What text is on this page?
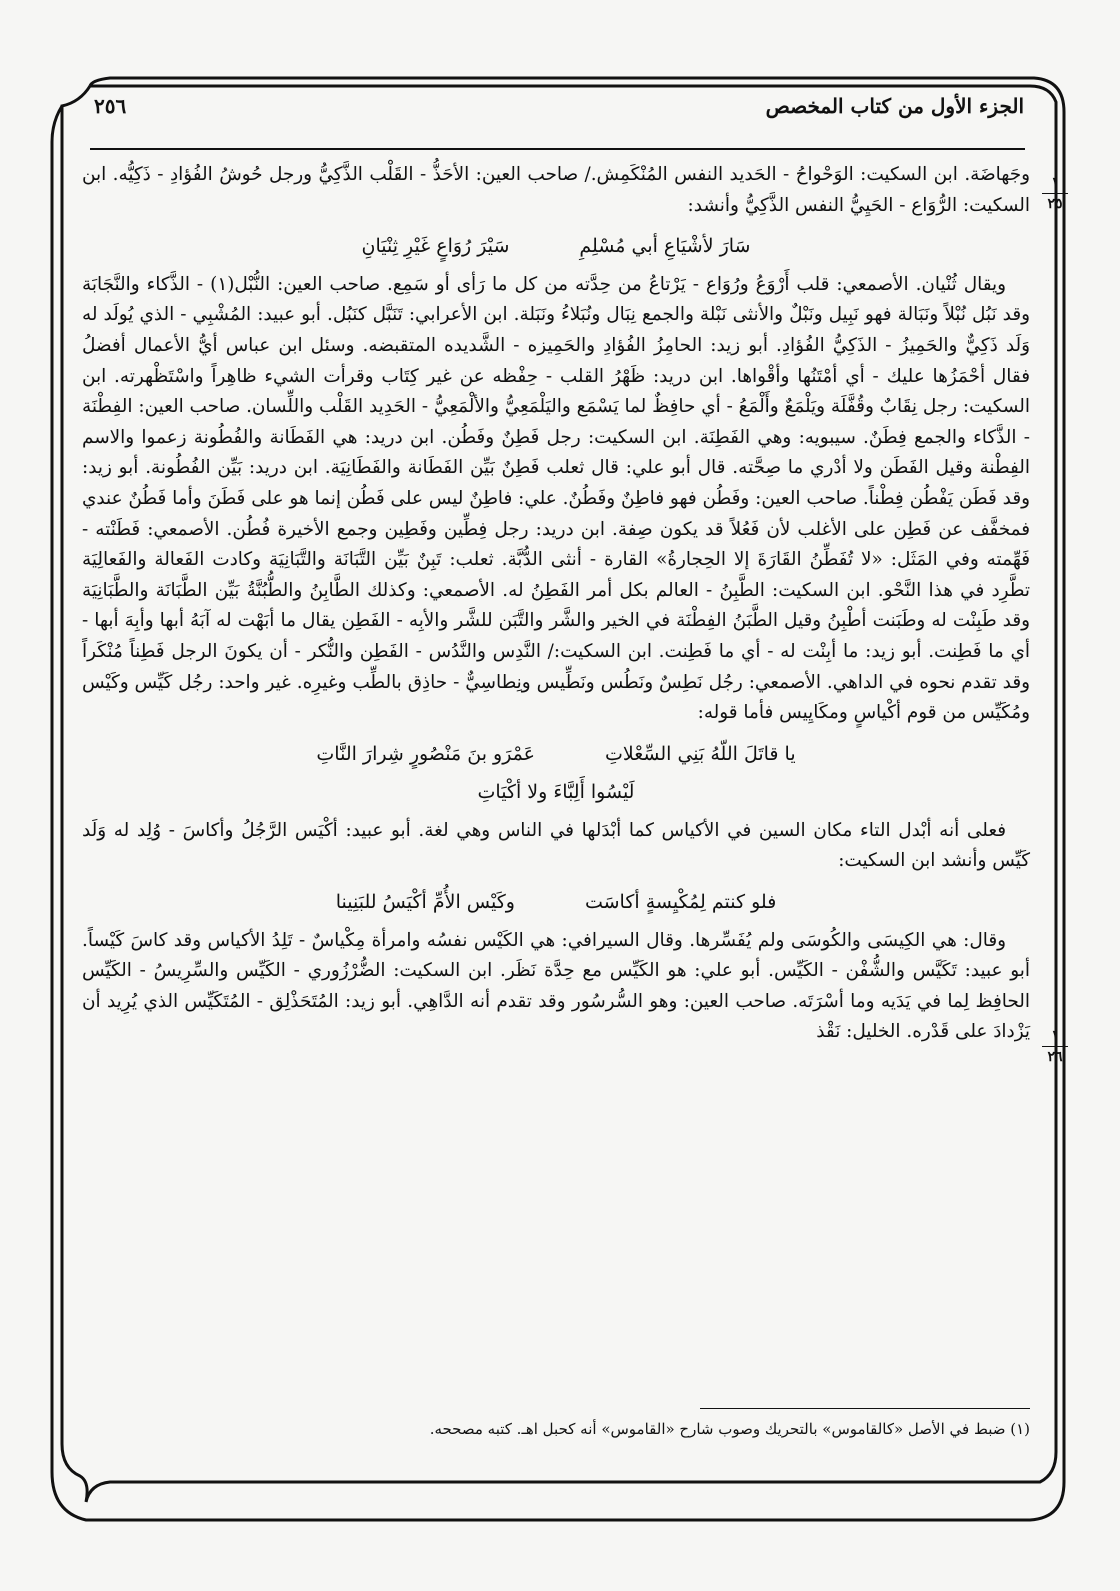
الجزء الأول من كتاب المخصص
٢٥٦
١
٢٥
١
٢٦

وجَهاضَة. ابن السكيت: الوَحْواحُ - الحَديد النفس المُنْكَمِش./ صاحب العين: الأحَذُّ - القَلْب الذَّكِيُّ ورجل حُوشُ الفُؤادِ - ذَكِيُّه. ابن السكيت: الرُّوَاع - الحَيِيُّ النفس الذَّكِيُّ وأنشد:

سَارَ لأشْيَاعِ أبي مُسْلِمِ
سَيْرَ رُوَاعٍ غَيْرِ ثِنْيَانِ

ويقال ثُنْيان. الأصمعي: قلب أَرْوَعُ ورُوَاع - يَرْتاعُ من حِدَّته من كل ما رَأى أو سَمِع. صاحب العين: النُّبْل(١) - الذَّكاء والنَّجَابَة وقد نَبُل نُبْلاً ونَبَالة فهو نَبِيل ونَبْلٌ والأنثى نَبْلة والجمع نِبَال ونُبَلاءُ ونَبَلة. ابن الأعرابي: تَنَبَّل كنَبُل. أبو عبيد: المُشْبِي - الذي يُولَد له وَلَد ذَكِيٌّ والحَمِيزُ - الذَكِيُّ الفُؤادِ. أبو زيد: الحامِزُ الفُؤادِ والحَمِيزه - الشَّديده المتقبضه. وسئل ابن عباس أيُّ الأعمال أفضلُ فقال أحْمَزُها عليك - أي أمْتَنُها وأقْواها. ابن دريد: ظَهْرُ القلب - حِفْظه عن غير كِتَاب وقرأت الشيء ظاهِراً واسْتَظْهرته. ابن السكيت: رجل نِقَابٌ وقُفَّلَة ويَلْمَعٌ وأَلْمَعُ - أي حافِظٌ لما يَسْمَع واليَلْمَعِيُّ والألْمَعِيُّ - الحَدِيد القَلْب واللِّسان. صاحب العين: الفِطْنَة - الذَّكاء والجمع فِطَنٌ. سيبويه: وهي الفَطِنَة. ابن السكيت: رجل فَطِنٌ وفَطُن. ابن دريد: هي الفَطَانة والفُطُونة زعموا والاسم الفِطْنة وقيل الفَطَن ولا أدْري ما صِحَّته. قال أبو علي: قال ثعلب فَطِنٌ بَيِّن الفَطَانة والفَطَانِيَة. ابن دريد: بَيِّن الفُطُونة. أبو زيد: وقد فَطَن يَفْطُن فِطْناً. صاحب العين: وفَطُن فهو فاطِنٌ وفَطُنٌ. علي: فاطِنٌ ليس على فَطُن إنما هو على فَطَنَ وأما فَطُنٌ عندي فمخفَّف عن فَطِن على الأغلب لأن فَعُلاً قد يكون صِفة. ابن دريد: رجل فِطِّين وفَطِين وجمع الأخيرة فُطُن. الأصمعي: فَطَنْته - فَهِّمته وفي المَثَل: «لا تُفَطِّنُ القَارَةَ إلا الحِجارةُ» القارة - أنثى الدُّبَّة. ثعلب: تَبِنٌ بَيِّن التَّبَانَة والتَّبَانِيَة وكادت الفَعالة والفَعالِيَة تطَّرِد في هذا النَّحْو. ابن السكيت: الطَّبِنُ - العالم بكل أمر الفَطِنُ له. الأصمعي: وكذلك الطَّابِنُ والطُّبُنَّةُ بَيِّن الطَّبَانَة والطَّبَانِيَة وقد طَبِنْت له وطَبَنت أطْبِنُ وقيل الطَّبَنُ الفِطْنَة في الخير والشَّر والتَّبَن للشَّر والأبِه - الفَطِن يقال ما أبَهْت له آبَهُ أبها وأبِهَ أبها - أي ما فَطِنت. أبو زيد: ما أبِنْت له - أي ما فَطِنت. ابن السكيت:/ النَّدِس والنَّدُس - الفَطِن والنُّكر - أن يكونَ الرجل فَطِناً مُنْكَراً وقد تقدم نحوه في الداهي. الأصمعي: رجُل نَطِسٌ ونَطُس ونَطِّيس ونِطاسِيٌّ - حاذِق بالطِّب وغيرِه. غير واحد: رجُل كَيِّس وكَيْس ومُكَيِّس من قوم أكْياسٍ ومكَايِيس فأما قوله:

يا قاتَلَ اللّهُ بَنِي السِّعْلاتِ
عَمْرَو بنَ مَنْصُورٍ شِرارَ النَّاتِ
لَيْسُوا أَلِبَّاءَ ولا أكْيَاتِ

فعلى أنه أبْدل التاء مكان السين في الأكياس كما أبْدَلها في الناس وهي لغة. أبو عبيد: أكْيَس الرَّجُلُ وأكاسَ - وُلِد له وَلَد كَيِّس وأنشد ابن السكيت:

فلو كنتم لِمُكْيِسةٍ أكاسَت
وكَيْس الأُمِّ أكْيَسُ للبَنِينا

وقال: هي الكِيسَى والكُوسَى ولم يُفَسِّرها. وقال السيرافي: هي الكَيْس نفسُه وامرأة مِكْياسٌ - تَلِدُ الأكياس وقد كاسَ كَيْساً. أبو عبيد: تَكَيَّس والشُّفْن - الكَيِّس. أبو علي: هو الكَيِّس مع حِدَّة نَظَر. ابن السكيت: الضُّرْزُوري - الكَيِّس والسِّرِيسُ - الكَيِّس الحافِظ لِما في يَدَيه وما أسْرَتَه. صاحب العين: وهو السُّرسُور وقد تقدم أنه الدَّاهِي. أبو زيد: المُتَحَذْلِق - المُتَكَيِّس الذي يُرِيد أن يَزْدادَ على قَدْره. الخليل: نَقْذ

(١) ضبط في الأصل «كالقاموس» بالتحريك وصوب شارح «القاموس» أنه كحبل اهـ. كتبه مصححه.
